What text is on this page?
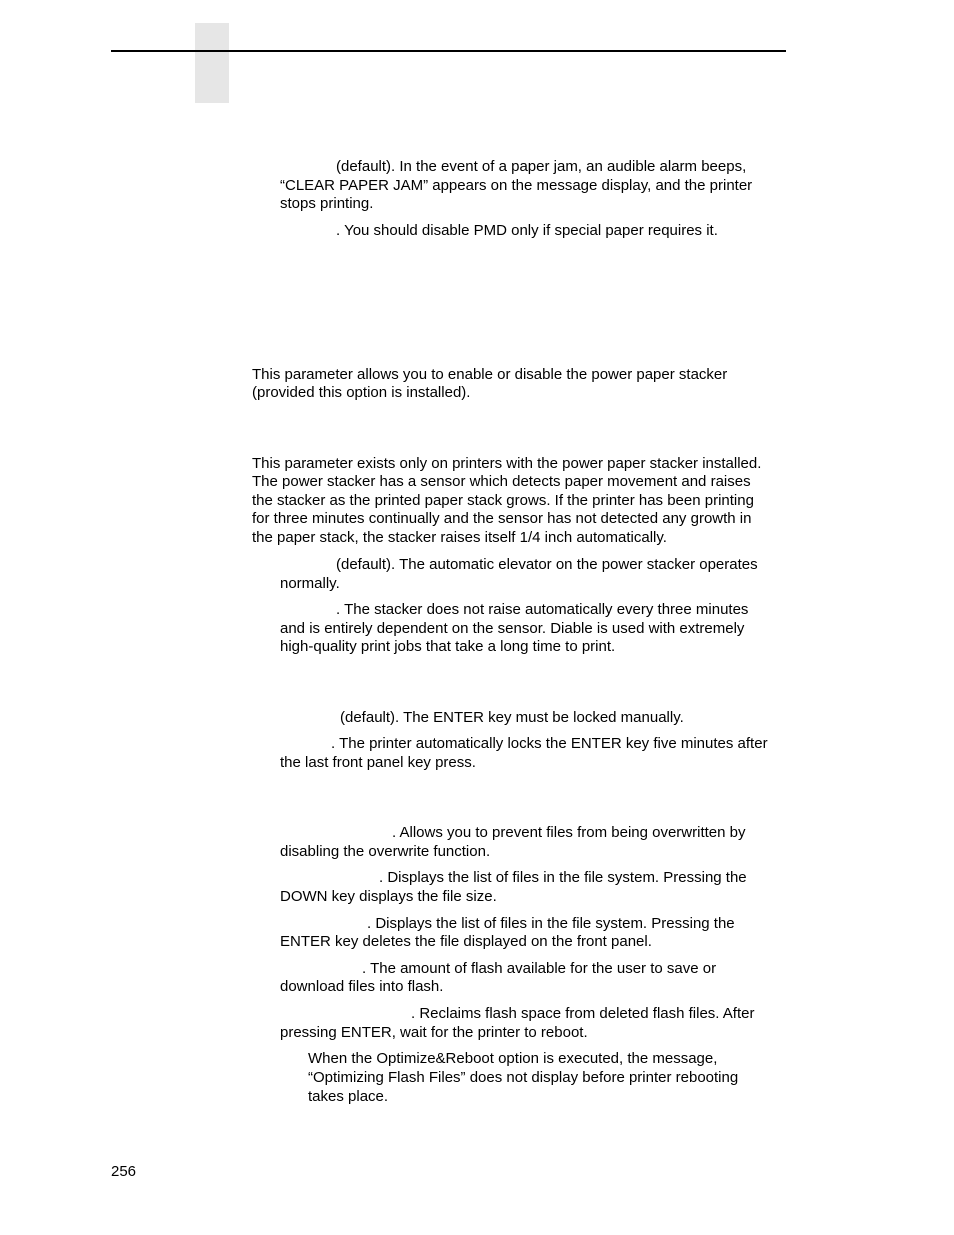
(default). In the event of a paper jam, an audible alarm beeps,

“CLEAR PAPER JAM” appears on the message display, and the printer

stops printing.

. You should disable PMD only if special paper requires it.

This parameter allows you to enable or disable the power paper stacker

(provided this option is installed).

This parameter exists only on printers with the power paper stacker installed.

The power stacker has a sensor which detects paper movement and raises

the stacker as the printed paper stack grows. If the printer has been printing

for three minutes continually and the sensor has not detected any growth in

the paper stack, the stacker raises itself 1/4 inch automatically.

(default). The automatic elevator on the power stacker operates

normally.

. The stacker does not raise automatically every three minutes

and is entirely dependent on the sensor. Diable is used with extremely

high-quality print jobs that take a long time to print.

(default). The ENTER key must be locked manually.

. The printer automatically locks the ENTER key five minutes after

the last front panel key press.

. Allows you to prevent files from being overwritten by

disabling the overwrite function.

. Displays the list of files in the file system. Pressing the

DOWN key displays the file size.

. Displays the list of files in the file system. Pressing the

ENTER key deletes the file displayed on the front panel.

. The amount of flash available for the user to save or

download files into flash.

. Reclaims flash space from deleted flash files. After

pressing ENTER, wait for the printer to reboot.

When the Optimize&Reboot option is executed, the message,

“Optimizing Flash Files” does not display before printer rebooting

takes place.

256
